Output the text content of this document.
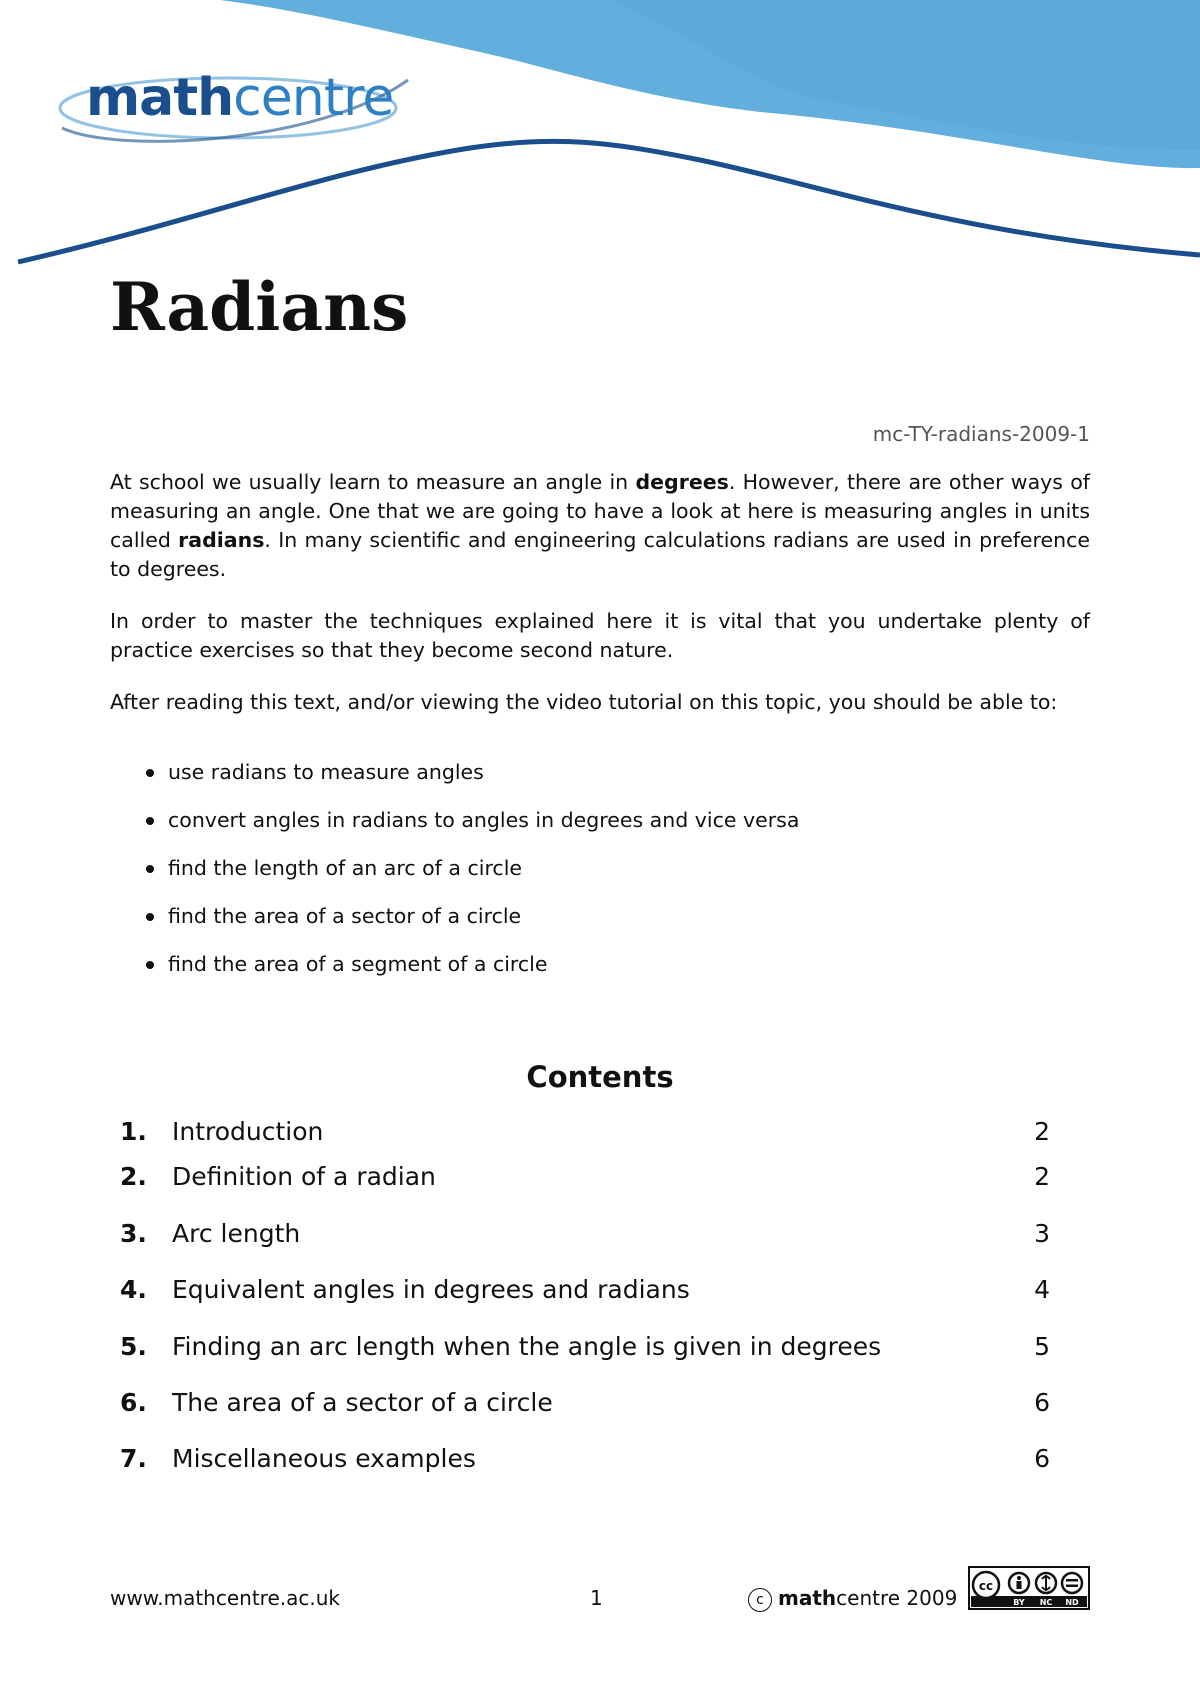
mathcentre
Radians
mc-TY-radians-2009-1

At school we usually learn to measure an angle in degrees. However, there are other ways of measuring an angle. One that we are going to have a look at here is measuring angles in units called radians. In many scientific and engineering calculations radians are used in preference to degrees.

In order to master the techniques explained here it is vital that you undertake plenty of practice exercises so that they become second nature.

After reading this text, and/or viewing the video tutorial on this topic, you should be able to:

use radians to measure angles
convert angles in radians to angles in degrees and vice versa
find the length of an arc of a circle
find the area of a sector of a circle
find the area of a segment of a circle
Contents
1. Introduction	2
2. Definition of a radian	2
3. Arc length	3
4. Equivalent angles in degrees and radians	4
5. Finding an arc length when the angle is given in degrees	5
6. The area of a sector of a circle	6
7. Miscellaneous examples	6
www.mathcentre.ac.uk	1	c mathcentre 2009 cc
BY NC ND
